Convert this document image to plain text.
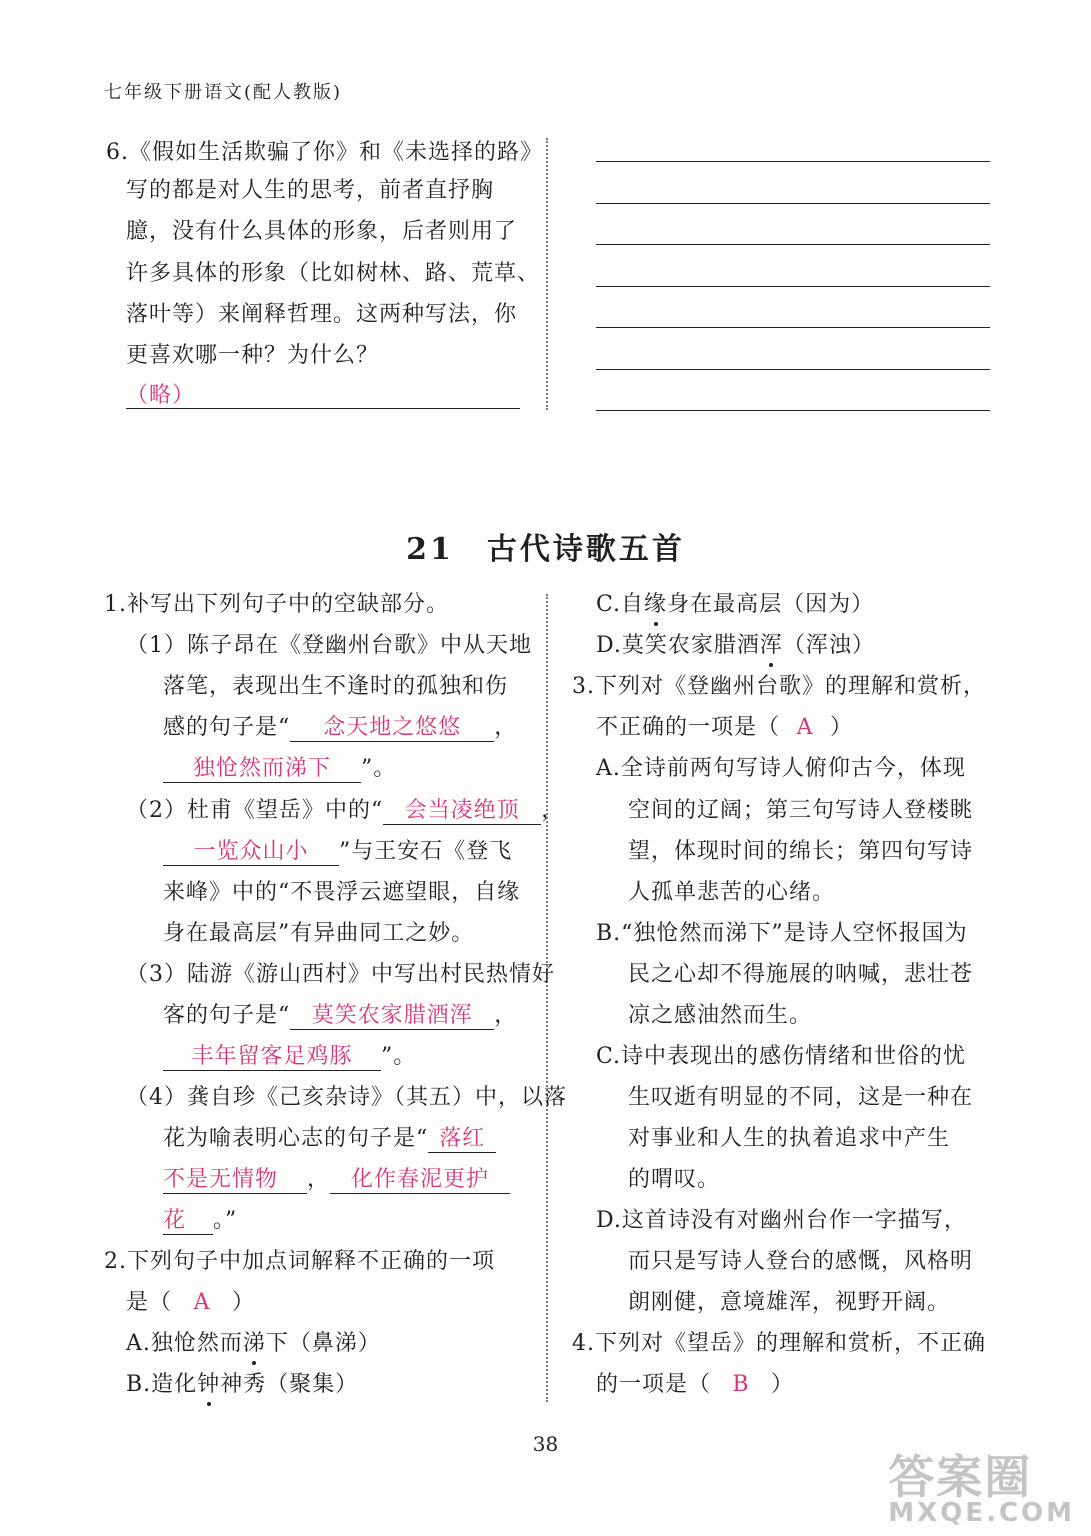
七年级下册语文(配人教版)
6.《假如生活欺骗了你》和《未选择的路》
写的都是对人生的思考，前者直抒胸
臆，没有什么具体的形象，后者则用了
许多具体的形象（比如树林、路、荒草、
落叶等）来阐释哲理。这两种写法，你
更喜欢哪一种？为什么？
（略）
21　古代诗歌五首
1.补写出下列句子中的空缺部分。
（1）陈子昂在《登幽州台歌》中从天地
落笔，表现出生不逢时的孤独和伤
感的句子是“ 念天地之悠悠 ，
独怆然而涕下 ”。
（2）杜甫《望岳》中的“ 会当凌绝顶 ，
一览众山小 ”与王安石《登飞
来峰》中的“不畏浮云遮望眼，自缘
身在最高层”有异曲同工之妙。
（3）陆游《游山西村》中写出村民热情好
客的句子是“ 莫笑农家腊酒浑 ，
丰年留客足鸡豚 ”。
（4）龚自珍《己亥杂诗》（其五）中，以落
花为喻表明心志的句子是“ 落红
不是无情物 ， 化作春泥更护
花 。”
2.下列句子中加点词解释不正确的一项
是（ A ）
A.独怆然而涕下（鼻涕）
B.造化钟神秀（聚集）
C.自缘身在最高层（因为）
D.莫笑农家腊酒浑（浑浊）
3.下列对《登幽州台歌》的理解和赏析，
不正确的一项是（ A ）
A.全诗前两句写诗人俯仰古今，体现
空间的辽阔；第三句写诗人登楼眺
望，体现时间的绵长；第四句写诗
人孤单悲苦的心绪。
B.“独怆然而涕下”是诗人空怀报国为
民之心却不得施展的呐喊，悲壮苍
凉之感油然而生。
C.诗中表现出的感伤情绪和世俗的忧
生叹逝有明显的不同，这是一种在
对事业和人生的执着追求中产生
的喟叹。
D.这首诗没有对幽州台作一字描写，
而只是写诗人登台的感慨，风格明
朗刚健，意境雄浑，视野开阔。
4.下列对《望岳》的理解和赏析，不正确
的一项是（ B ）
38
答案圈
MXQE.COM
